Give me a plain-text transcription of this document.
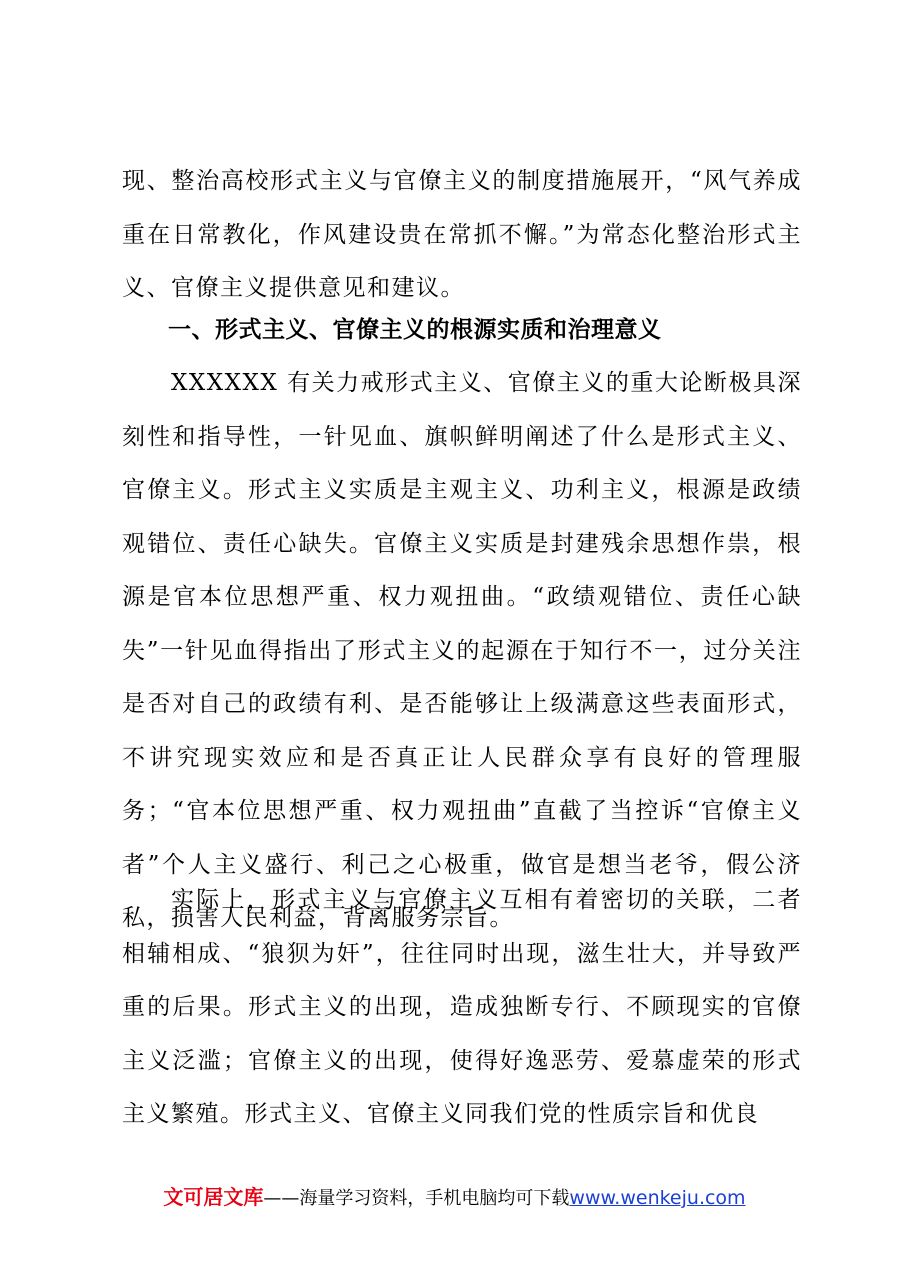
现、整治高校形式主义与官僚主义的制度措施展开，“风气养成重在日常教化，作风建设贵在常抓不懈。”为常态化整治形式主义、官僚主义提供意见和建议。

一、形式主义、官僚主义的根源实质和治理意义

XXXXXX 有关力戒形式主义、官僚主义的重大论断极具深刻性和指导性，一针见血、旗帜鲜明阐述了什么是形式主义、官僚主义。形式主义实质是主观主义、功利主义，根源是政绩观错位、责任心缺失。官僚主义实质是封建残余思想作祟，根源是官本位思想严重、权力观扭曲。“政绩观错位、责任心缺失”一针见血得指出了形式主义的起源在于知行不一，过分关注是否对自己的政绩有利、是否能够让上级满意这些表面形式，不讲究现实效应和是否真正让人民群众享有良好的管理服务；“官本位思想严重、权力观扭曲”直截了当控诉“官僚主义者”个人主义盛行、利己之心极重，做官是想当老爷，假公济私，损害人民利益，背离服务宗旨。

实际上，形式主义与官僚主义互相有着密切的关联，二者相辅相成、“狼狈为奸”，往往同时出现，滋生壮大，并导致严重的后果。形式主义的出现，造成独断专行、不顾现实的官僚主义泛滥；官僚主义的出现，使得好逸恶劳、爱慕虚荣的形式主义繁殖。形式主义、官僚主义同我们党的性质宗旨和优良

文可居文库——海量学习资料，手机电脑均可下载www.wenkeju.com
